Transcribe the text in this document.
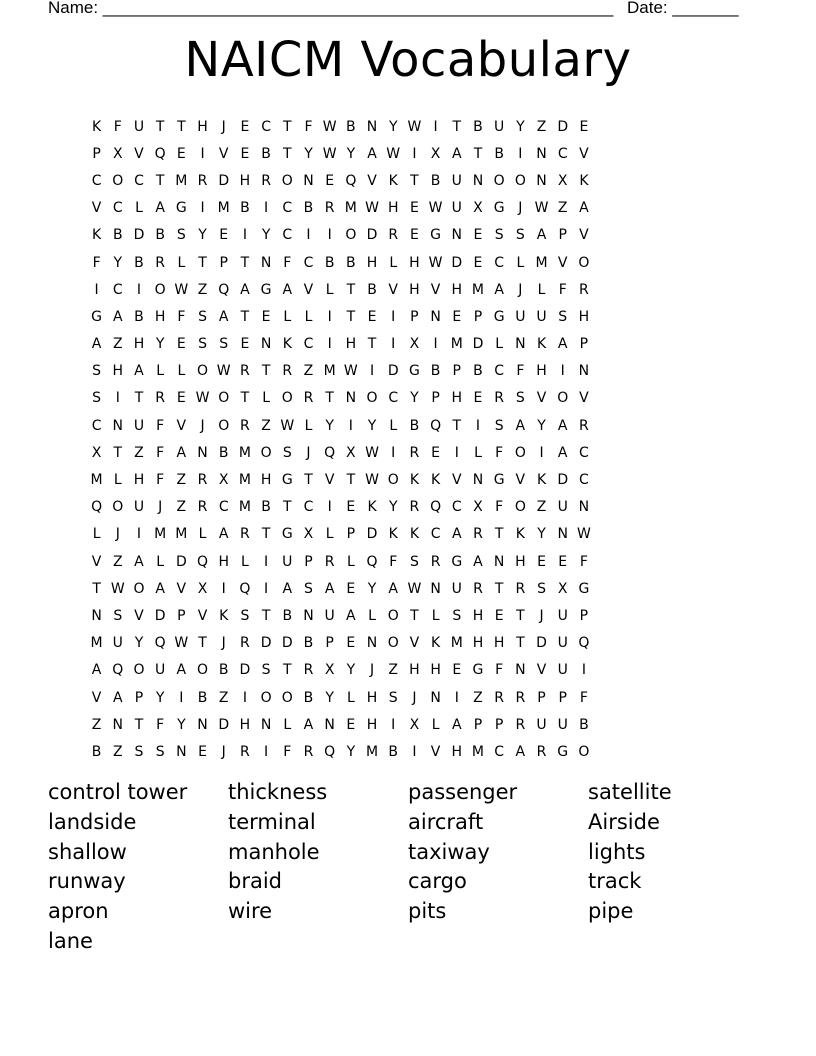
Name: ______________________________________________________ Date: _______
NAICM Vocabulary
K F U T T H J	E C T F W B N Y W I	T B U Y Z D E
P X V Q E	I	V E B T Y W Y A W I	X A T B	I N C V
C O C T M R D H R O N E Q V K T B U N O O N X K
V C L A G I M B	I	C B R M W H E W U X G J W Z A
K B D B S Y E	I	Y C	I	I O D R E G N E S S A P V
F Y B R L T P T N F C B B H L H W D E C L M V O
I	C	I O W Z Q A G A V L T B V H V H M A	J	L F R
G A B H F S A T E L L	I	T E	I	P N E P G U U S H
A Z H Y E S S E N K C	I H T	I	X	I M D L N K A P
S H A L L O W R T R Z M W I D G B P B C F H I N
S	I	T R E W O T L O R T N O C Y P H E R S V O V
C N U F V	J O R Z W L Y	I	Y L B Q T	I	S A Y A R
X T Z F A N B M O S	J Q X W I	R E	I	L F O I	A C
M L H F Z R X M H G T V T W O K K V N G V K D C
Q O U J	Z R C M B T C	I	E K Y R Q C X F O Z U N
L	J	I M M L A R T G X L P D K K C A R T K Y N W
V Z A L D Q H L	I	U P R L Q F S R G A N H E E F
T W O A V X	I Q I	A S A E Y A W N U R T R S X G
N S V D P V K S T B N U A L O T L S H E T	J	U P
M U Y Q W T	J	R D D B P E N O V K M H H T D U Q
A Q O U A O B D S T R X Y	J	Z H H E G F N V U I
V A P Y	I	B Z	I O O B Y L H S	J N I	Z R R P P F
Z N T F Y N D H N L A N E H I	X L A P P R U U B
B Z S S N E	J	R	I	F R Q Y M B	I	V H M C A R G O
control tower	thickness	passenger	satellite
landside	terminal	aircraft	Airside
shallow	manhole	taxiway	lights
runway	braid	cargo	track
apron	wire	pits	pipe
lane
